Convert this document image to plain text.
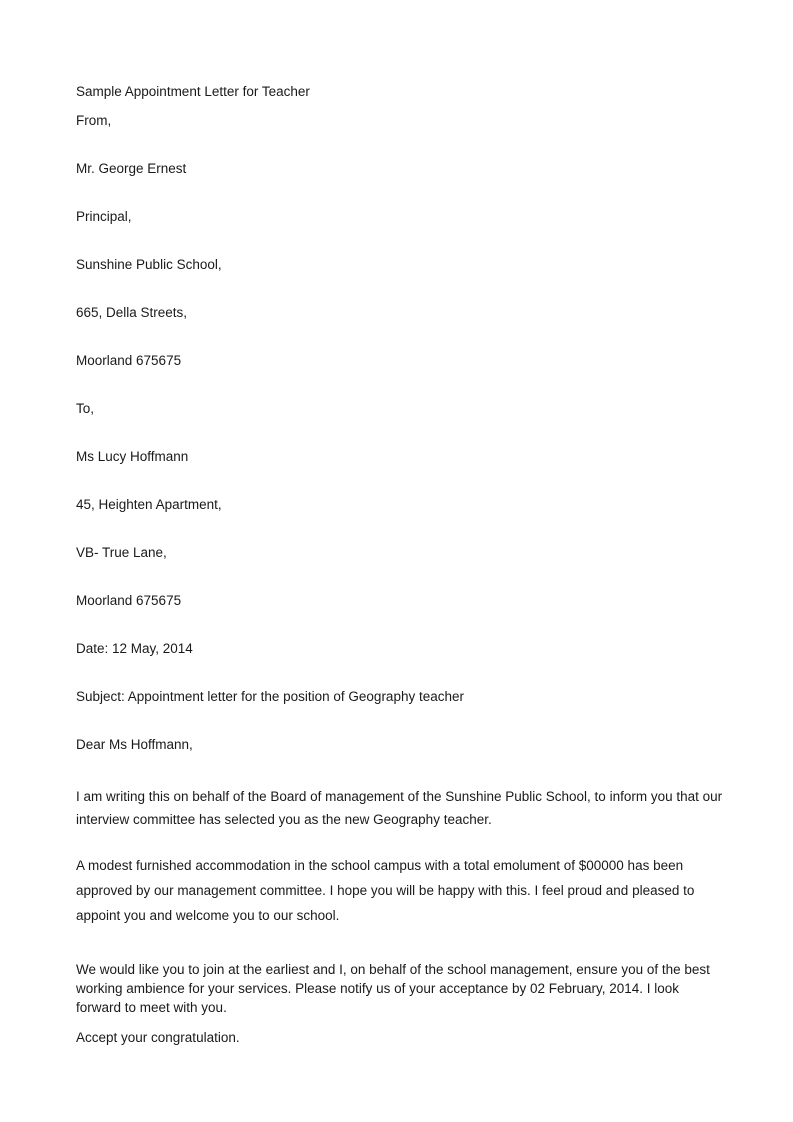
Sample Appointment Letter for Teacher
From,
Mr. George Ernest
Principal,
Sunshine Public School,
665, Della Streets,
Moorland 675675
To,
Ms Lucy Hoffmann
45, Heighten Apartment,
VB- True Lane,
Moorland 675675
Date: 12 May, 2014
Subject: Appointment letter for the position of Geography teacher
Dear Ms Hoffmann,
I am writing this on behalf of the Board of management of the Sunshine Public School, to inform you that our
interview committee has selected you as the new Geography teacher.
A modest furnished accommodation in the school campus with a total emolument of $00000 has been
approved by our management committee. I hope you will be happy with this. I feel proud and pleased to
appoint you and welcome you to our school.
We would like you to join at the earliest and I, on behalf of the school management, ensure you of the best
working ambience for your services. Please notify us of your acceptance by 02 February, 2014. I look
forward to meet with you.
Accept your congratulation.
